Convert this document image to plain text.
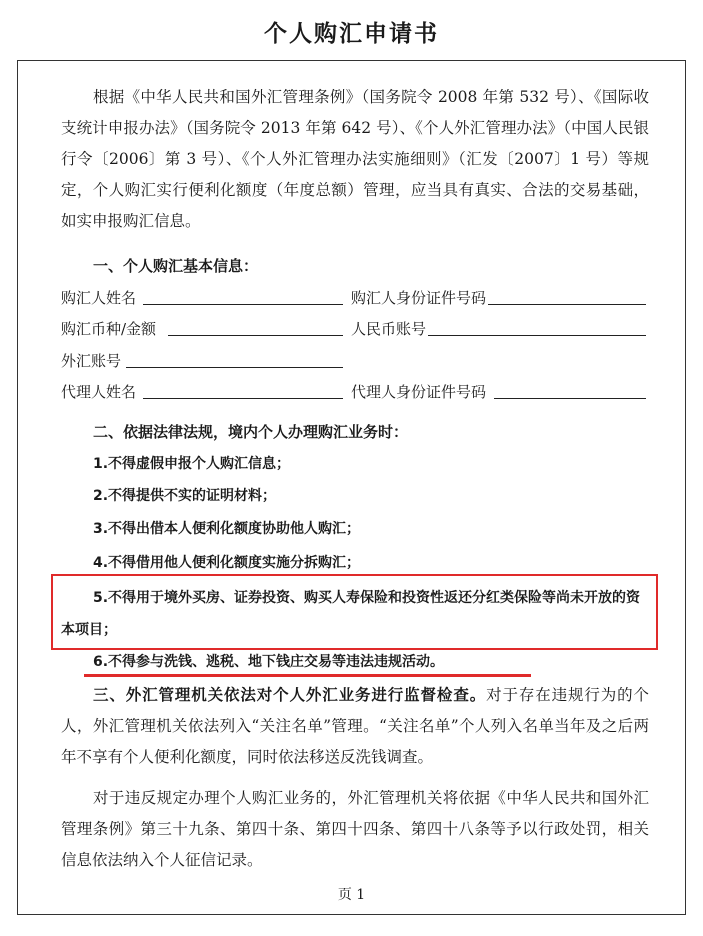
个人购汇申请书

根据《中华人民共和国外汇管理条例》（国务院令 2008 年第 532 号）、《国际收支统计申报办法》（国务院令 2013 年第 642 号）、《个人外汇管理办法》（中国人民银行令〔2006〕第 3 号）、《个人外汇管理办法实施细则》（汇发〔2007〕1 号）等规定，个人购汇实行便利化额度（年度总额）管理，应当具有真实、合法的交易基础，如实申报购汇信息。

一、个人购汇基本信息：
购汇人姓名	购汇人身份证件号码
购汇币种/金额	人民币账号
外汇账号
代理人姓名	代理人身份证件号码
二、依据法律法规，境内个人办理购汇业务时：
1.不得虚假申报个人购汇信息；
2.不得提供不实的证明材料；
3.不得出借本人便利化额度协助他人购汇；
4.不得借用他人便利化额度实施分拆购汇；

5.不得用于境外买房、证券投资、购买人寿保险和投资性返还分红类保险等尚未开放的资本项目；

6.不得参与洗钱、逃税、地下钱庄交易等违法违规活动。

三、外汇管理机关依法对个人外汇业务进行监督检查。对于存在违规行为的个人，外汇管理机关依法列入“关注名单”管理。“关注名单”个人列入名单当年及之后两年不享有个人便利化额度，同时依法移送反洗钱调查。

对于违反规定办理个人购汇业务的，外汇管理机关将依据《中华人民共和国外汇管理条例》第三十九条、第四十条、第四十四条、第四十八条等予以行政处罚，相关信息依法纳入个人征信记录。

页 1
